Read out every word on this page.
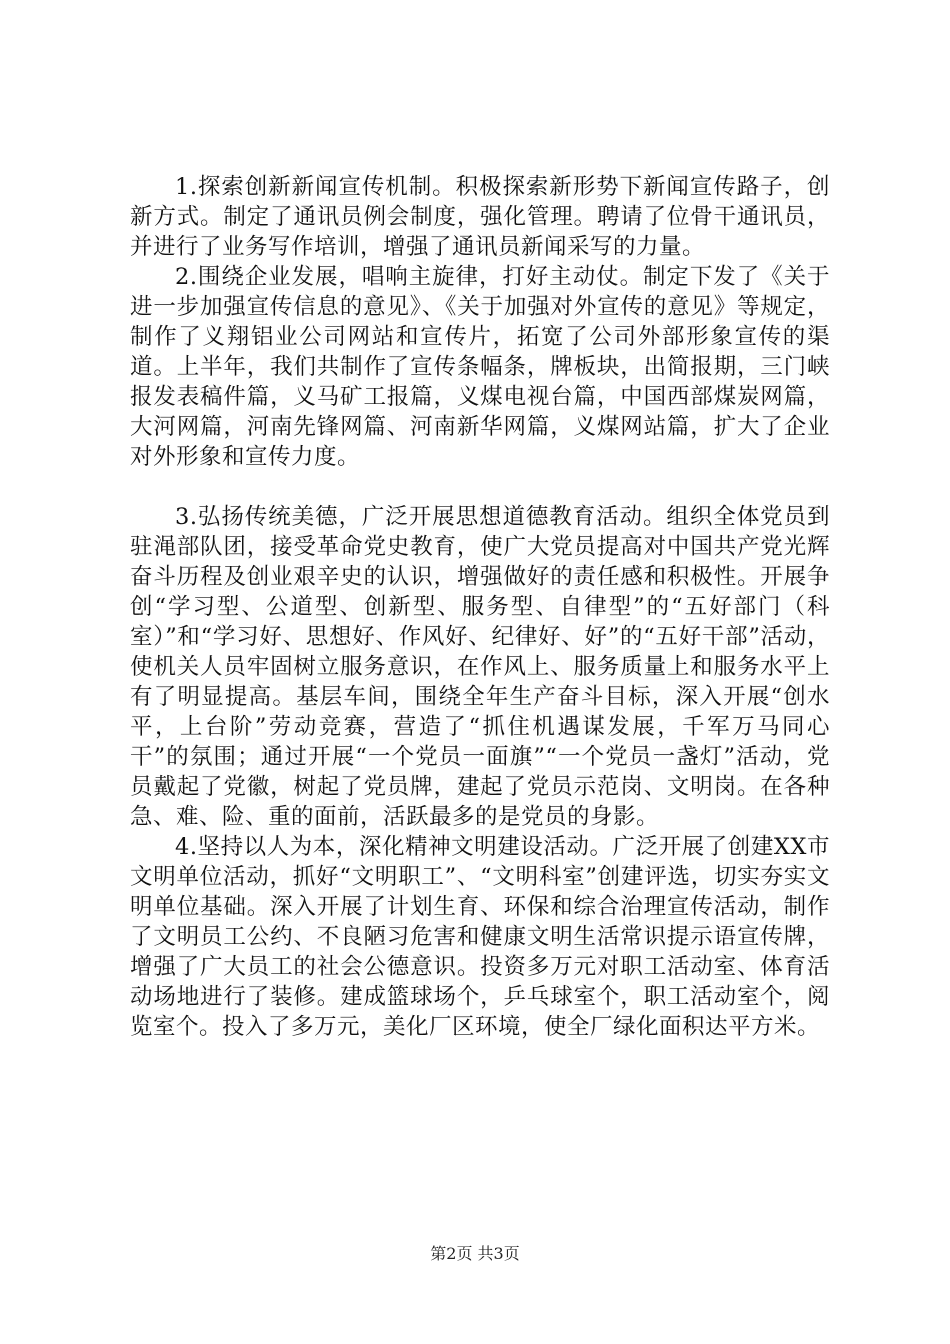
1.探索创新新闻宣传机制。积极探索新形势下新闻宣传路子，创新方式。制定了通讯员例会制度，强化管理。聘请了位骨干通讯员，并进行了业务写作培训，增强了通讯员新闻采写的力量。

2.围绕企业发展，唱响主旋律，打好主动仗。制定下发了《关于进一步加强宣传信息的意见》、《关于加强对外宣传的意见》等规定，制作了义翔铝业公司网站和宣传片，拓宽了公司外部形象宣传的渠道。上半年，我们共制作了宣传条幅条，牌板块，出简报期，三门峡报发表稿件篇，义马矿工报篇，义煤电视台篇，中国西部煤炭网篇，大河网篇，河南先锋网篇、河南新华网篇，义煤网站篇，扩大了企业对外形象和宣传力度。

3.弘扬传统美德，广泛开展思想道德教育活动。组织全体党员到驻渑部队团，接受革命党史教育，使广大党员提高对中国共产党光辉奋斗历程及创业艰辛史的认识，增强做好的责任感和积极性。开展争创“学习型、公道型、创新型、服务型、自律型”的“五好部门（科室）”和“学习好、思想好、作风好、纪律好、好”的“五好干部”活动，使机关人员牢固树立服务意识，在作风上、服务质量上和服务水平上有了明显提高。基层车间，围绕全年生产奋斗目标，深入开展“创水平，上台阶”劳动竞赛，营造了“抓住机遇谋发展，千军万马同心干”的氛围；通过开展“一个党员一面旗”“一个党员一盏灯”活动，党员戴起了党徽，树起了党员牌，建起了党员示范岗、文明岗。在各种急、难、险、重的面前，活跃最多的是党员的身影。

4.坚持以人为本，深化精神文明建设活动。广泛开展了创建XX市文明单位活动，抓好“文明职工”、“文明科室”创建评选，切实夯实文明单位基础。深入开展了计划生育、环保和综合治理宣传活动，制作了文明员工公约、不良陋习危害和健康文明生活常识提示语宣传牌，增强了广大员工的社会公德意识。投资多万元对职工活动室、体育活动场地进行了装修。建成篮球场个，乒乓球室个，职工活动室个，阅览室个。投入了多万元，美化厂区环境，使全厂绿化面积达平方米。

第2页 共3页
